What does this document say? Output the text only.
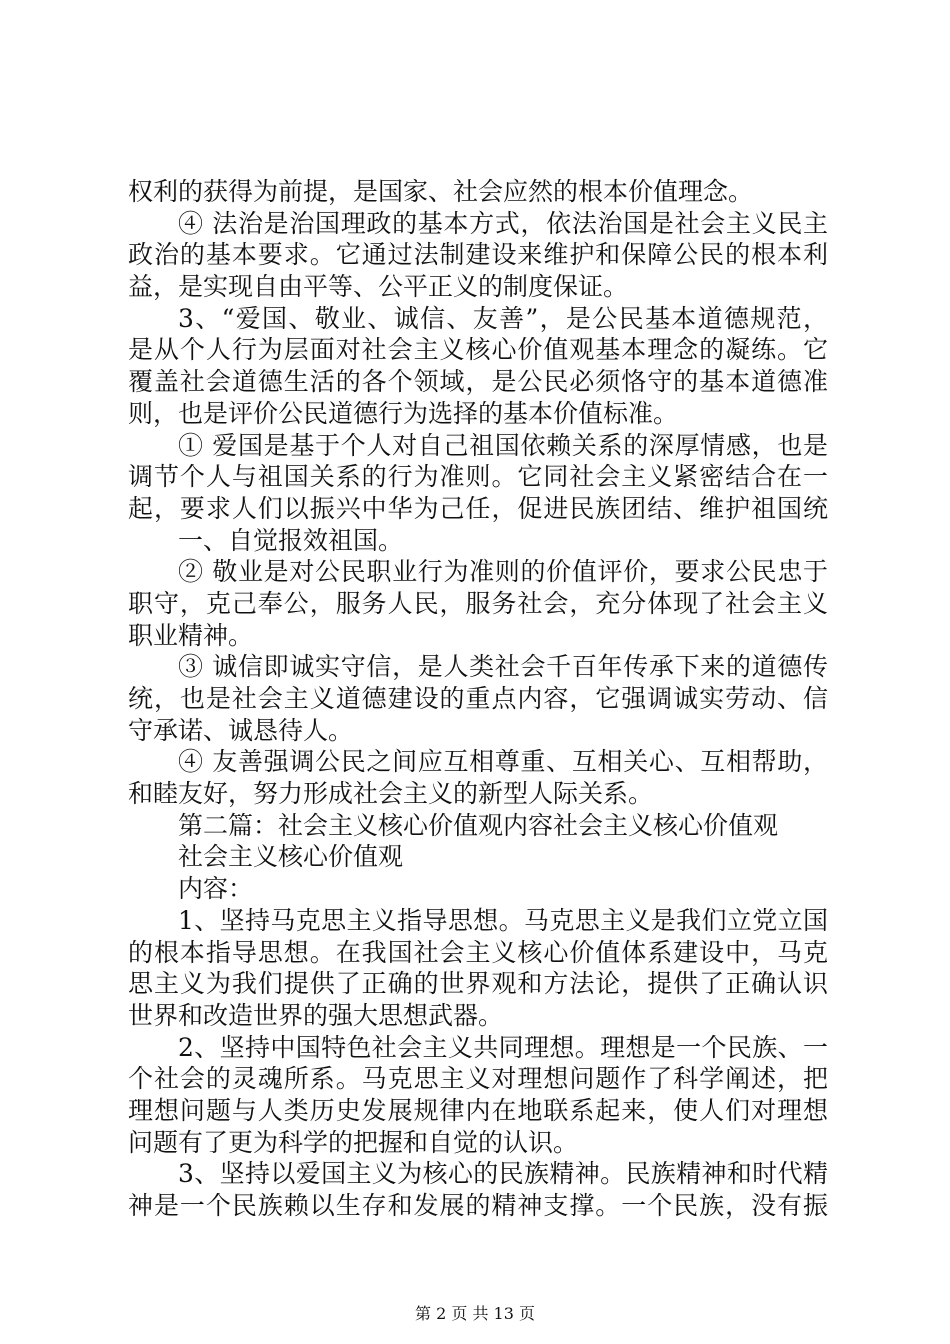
权利的获得为前提，是国家、社会应然的根本价值理念。
④ 法治是治国理政的基本方式，依法治国是社会主义民主
政治的基本要求。它通过法制建设来维护和保障公民的根本利
益，是实现自由平等、公平正义的制度保证。
3、“爱国、敬业、诚信、友善”，是公民基本道德规范，
是从个人行为层面对社会主义核心价值观基本理念的凝练。它
覆盖社会道德生活的各个领域，是公民必须恪守的基本道德准
则，也是评价公民道德行为选择的基本价值标准。
① 爱国是基于个人对自己祖国依赖关系的深厚情感，也是
调节个人与祖国关系的行为准则。它同社会主义紧密结合在一
起，要求人们以振兴中华为己任，促进民族团结、维护祖国统
一、自觉报效祖国。
② 敬业是对公民职业行为准则的价值评价，要求公民忠于
职守，克己奉公，服务人民，服务社会，充分体现了社会主义
职业精神。
③ 诚信即诚实守信，是人类社会千百年传承下来的道德传
统，也是社会主义道德建设的重点内容，它强调诚实劳动、信
守承诺、诚恳待人。
④ 友善强调公民之间应互相尊重、互相关心、互相帮助，
和睦友好，努力形成社会主义的新型人际关系。
第二篇：社会主义核心价值观内容社会主义核心价值观
社会主义核心价值观
内容：
1、坚持马克思主义指导思想。马克思主义是我们立党立国
的根本指导思想。在我国社会主义核心价值体系建设中，马克
思主义为我们提供了正确的世界观和方法论，提供了正确认识
世界和改造世界的强大思想武器。
2、坚持中国特色社会主义共同理想。理想是一个民族、一
个社会的灵魂所系。马克思主义对理想问题作了科学阐述，把
理想问题与人类历史发展规律内在地联系起来，使人们对理想
问题有了更为科学的把握和自觉的认识。
3、坚持以爱国主义为核心的民族精神。民族精神和时代精
神是一个民族赖以生存和发展的精神支撑。一个民族，没有振
第 2 页 共 13 页
